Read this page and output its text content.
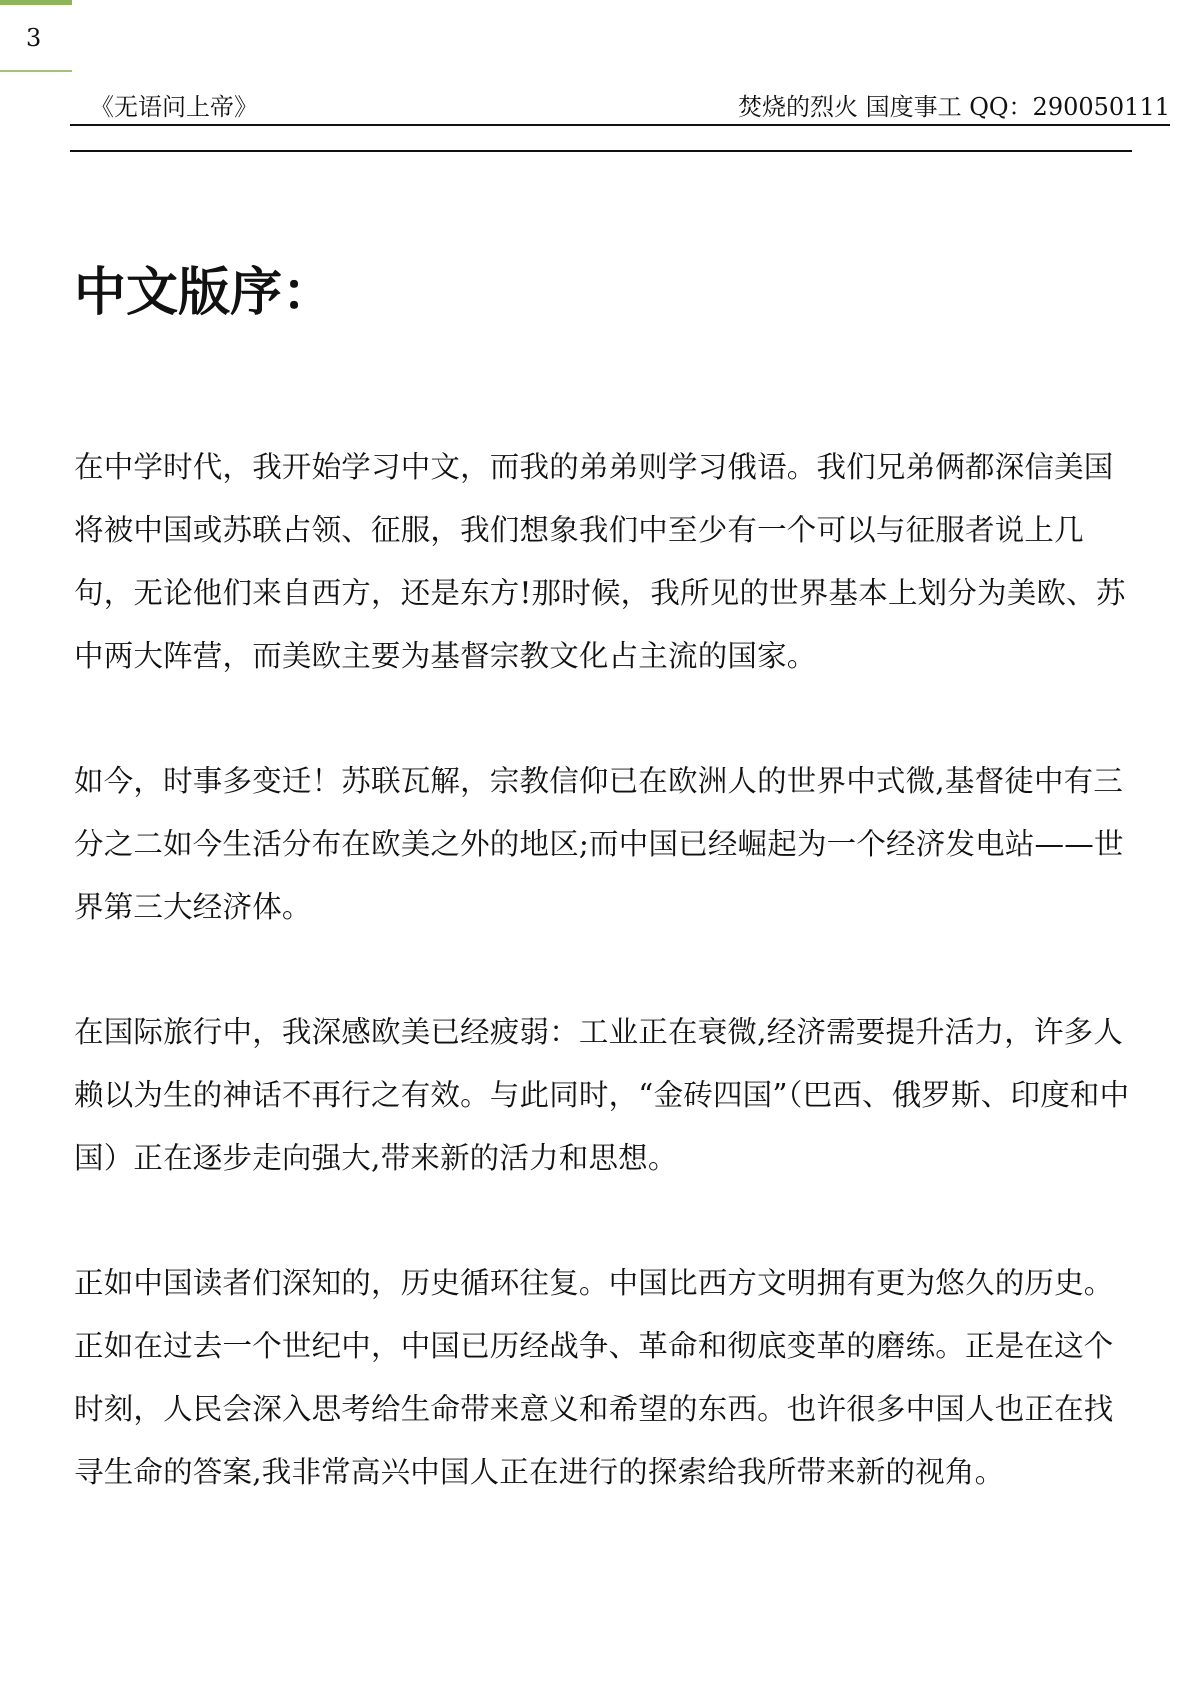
3
《无语问上帝》	焚烧的烈火 国度事工 QQ：290050111
中文版序：

在中学时代，我开始学习中文，而我的弟弟则学习俄语。我们兄弟俩都深信美国将被中国或苏联占领、征服，我们想象我们中至少有一个可以与征服者说上几句，无论他们来自西方，还是东方!那时候，我所见的世界基本上划分为美欧、苏中两大阵营，而美欧主要为基督宗教文化占主流的国家。

如今，时事多变迁！苏联瓦解，宗教信仰已在欧洲人的世界中式微,基督徒中有三分之二如今生活分布在欧美之外的地区;而中国已经崛起为一个经济发电站——世界第三大经济体。

在国际旅行中，我深感欧美已经疲弱：工业正在衰微,经济需要提升活力，许多人赖以为生的神话不再行之有效。与此同时，“金砖四国”（巴西、俄罗斯、印度和中国）正在逐步走向强大,带来新的活力和思想。

正如中国读者们深知的，历史循环往复。中国比西方文明拥有更为悠久的历史。正如在过去一个世纪中，中国已历经战争、革命和彻底变革的磨练。正是在这个时刻，人民会深入思考给生命带来意义和希望的东西。也许很多中国人也正在找寻生命的答案,我非常高兴中国人正在进行的探索给我所带来新的视角。
